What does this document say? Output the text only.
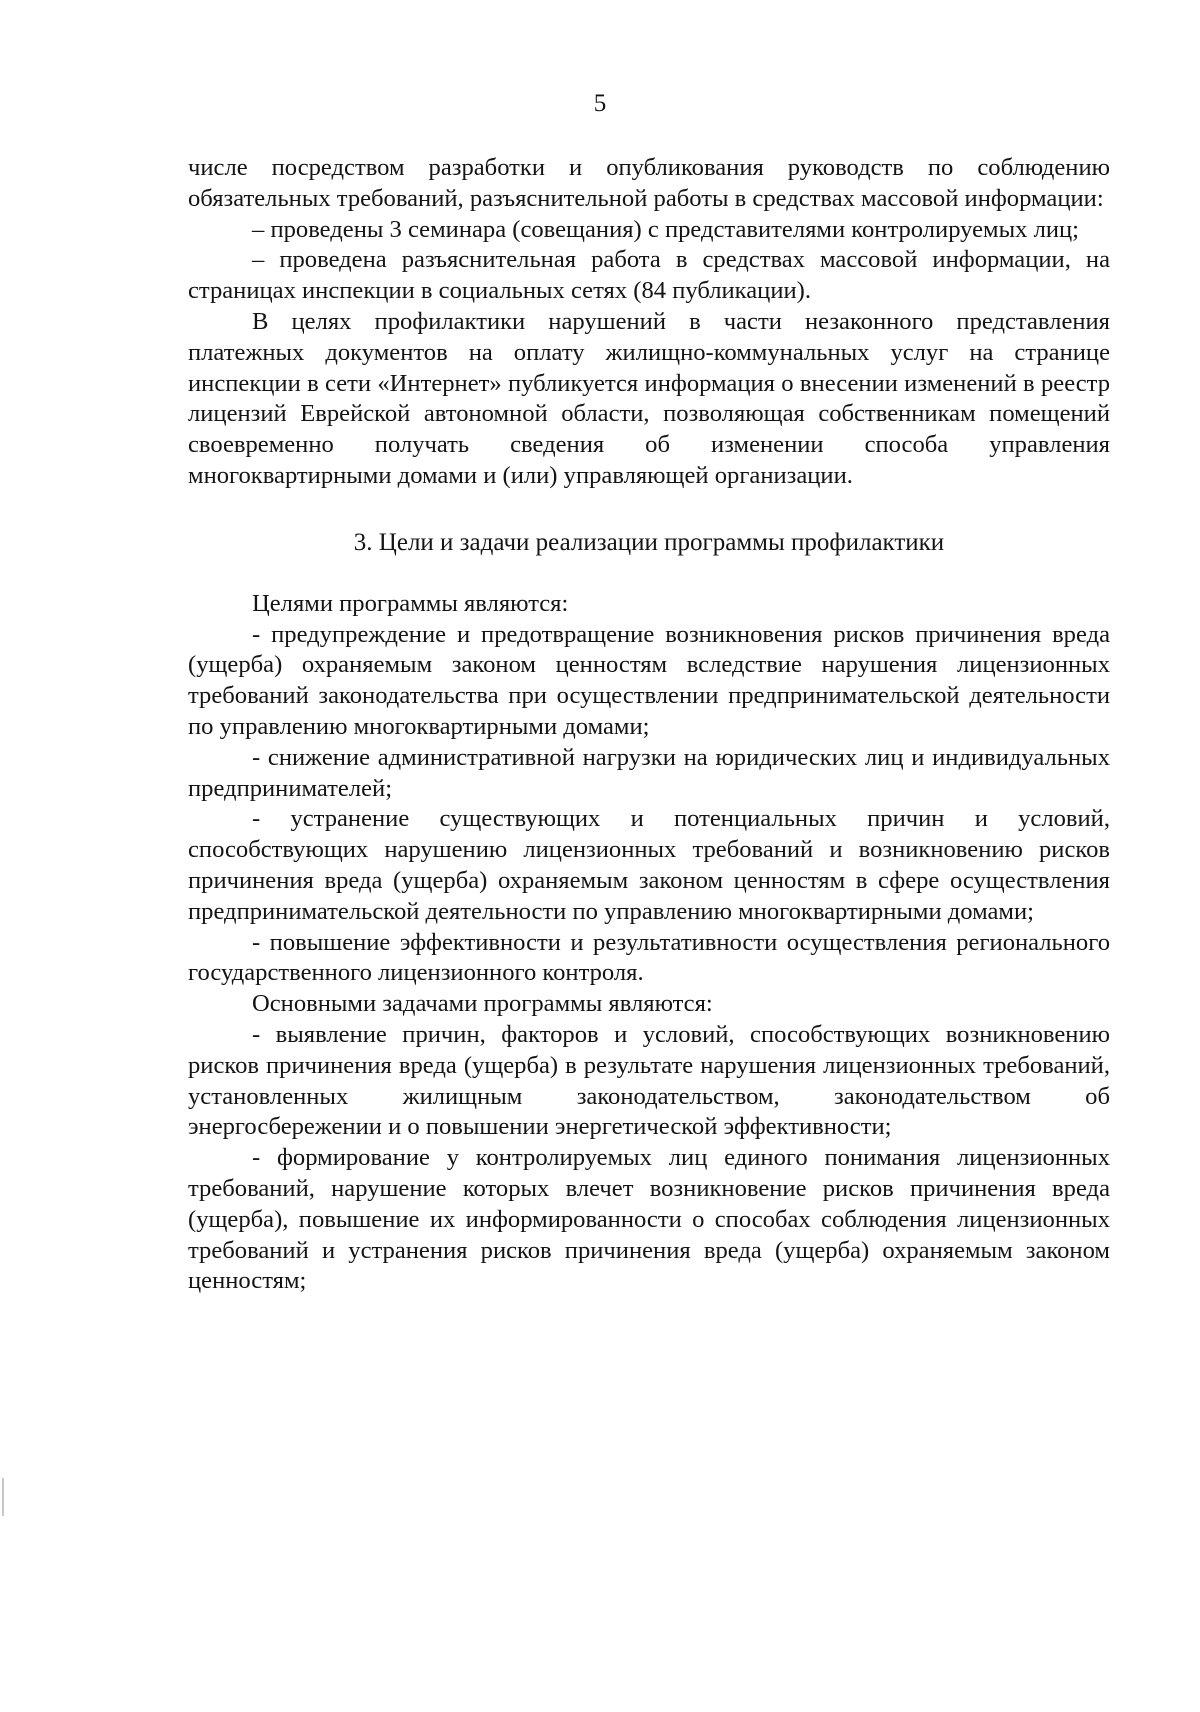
5

числе посредством разработки и опубликования руководств по соблюдению обязательных требований, разъяснительной работы в средствах массовой информации:

– проведены 3 семинара (совещания) с представителями контролируемых лиц;

– проведена разъяснительная работа в средствах массовой информации, на страницах инспекции в социальных сетях (84 публикации).

В целях профилактики нарушений в части незаконного представления платежных документов на оплату жилищно-коммунальных услуг на странице инспекции в сети «Интернет» публикуется информация о внесении изменений в реестр лицензий Еврейской автономной области, позволяющая собственникам помещений своевременно получать сведения об изменении способа управления многоквартирными домами и (или) управляющей организации.

3. Цели и задачи реализации программы профилактики

Целями программы являются:

- предупреждение и предотвращение возникновения рисков причинения вреда (ущерба) охраняемым законом ценностям вследствие нарушения лицензионных требований законодательства при осуществлении предпринимательской деятельности по управлению многоквартирными домами;

- снижение административной нагрузки на юридических лиц и индивидуальных предпринимателей;

- устранение существующих и потенциальных причин и условий, способствующих нарушению лицензионных требований и возникновению рисков причинения вреда (ущерба) охраняемым законом ценностям в сфере осуществления предпринимательской деятельности по управлению многоквартирными домами;

- повышение эффективности и результативности осуществления регионального государственного лицензионного контроля.

Основными задачами программы являются:

- выявление причин, факторов и условий, способствующих возникновению рисков причинения вреда (ущерба) в результате нарушения лицензионных требований, установленных жилищным законодательством, законодательством об энергосбережении и о повышении энергетической эффективности;

- формирование у контролируемых лиц единого понимания лицензионных требований, нарушение которых влечет возникновение рисков причинения вреда (ущерба), повышение их информированности о способах соблюдения лицензионных требований и устранения рисков причинения вреда (ущерба) охраняемым законом ценностям;
